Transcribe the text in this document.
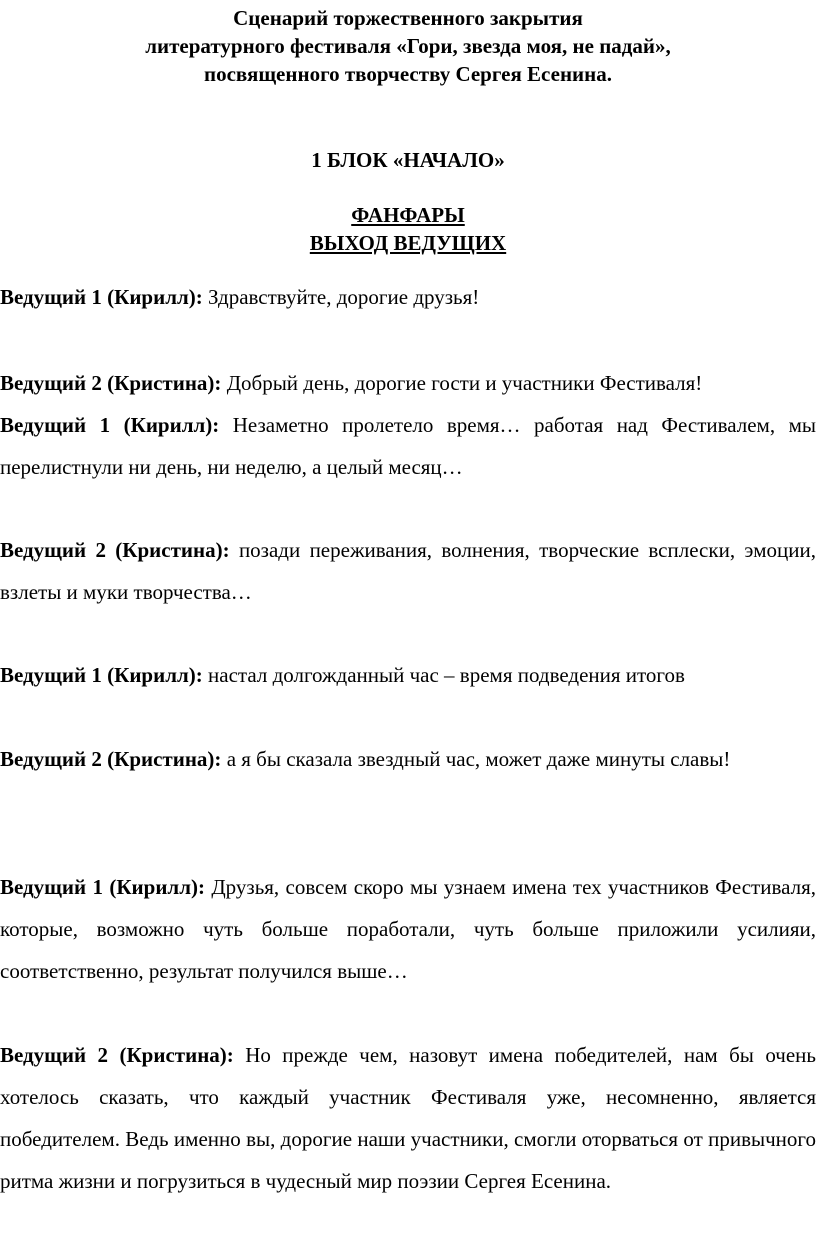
Сценарий торжественного закрытия
литературного фестиваля «Гори, звезда моя, не падай»,
посвященного творчеству Сергея Есенина.
1 БЛОК «НАЧАЛО»
ФАНФАРЫ
ВЫХОД ВЕДУЩИХ

Ведущий 1 (Кирилл): Здравствуйте, дорогие друзья!

Ведущий 2 (Кристина): Добрый день, дорогие гости и участники Фестиваля!

Ведущий 1 (Кирилл): Незаметно пролетело время… работая над Фестивалем, мы перелистнули ни день, ни неделю, а целый месяц…

Ведущий 2 (Кристина): позади переживания, волнения, творческие всплески, эмоции, взлеты и муки творчества…

Ведущий 1 (Кирилл): настал долгожданный час – время подведения итогов

Ведущий 2 (Кристина): а я бы сказала звездный час, может даже минуты славы!

Ведущий 1 (Кирилл): Друзья, совсем скоро мы узнаем имена тех участников Фестиваля, которые, возможно чуть больше поработали, чуть больше приложили усилияи, соответственно, результат получился выше…

Ведущий 2 (Кристина): Но прежде чем, назовут имена победителей, нам бы очень хотелось сказать, что каждый участник Фестиваля уже, несомненно, является победителем. Ведь именно вы, дорогие наши участники, смогли оторваться от привычного ритма жизни и погрузиться в чудесный мир поэзии Сергея Есенина.
